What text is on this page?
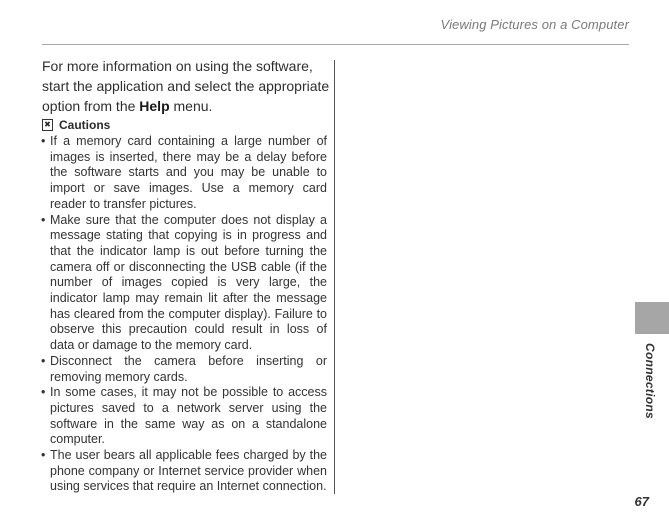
Viewing Pictures on a Computer

For more information on using the software, start the application and select the appropriate option from the Help menu.

✖ Cautions
• If a memory card containing a large number of images is inserted, there may be a delay before the software starts and you may be unable to import or save images. Use a memory card reader to transfer pictures.
• Make sure that the computer does not display a message stating that copying is in progress and that the indicator lamp is out before turning the camera off or disconnecting the USB cable (if the number of images copied is very large, the indicator lamp may remain lit after the message has cleared from the computer display). Failure to observe this precaution could result in loss of data or damage to the memory card.
• Disconnect the camera before inserting or removing memory cards.
• In some cases, it may not be possible to access pictures saved to a network server using the software in the same way as on a standalone computer.
• The user bears all applicable fees charged by the phone company or Internet service provider when using services that require an Internet connection.
Connections
67
